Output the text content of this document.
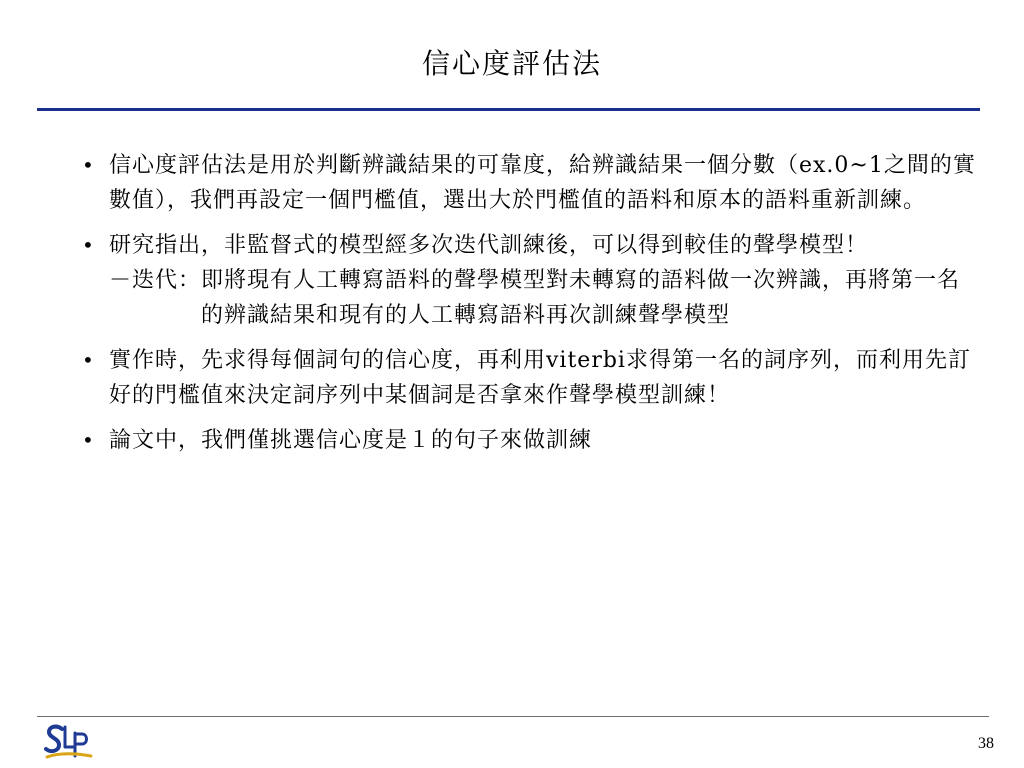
信心度評估法
• 信心度評估法是用於判斷辨識結果的可靠度，給辨識結果一個分數（ex.0~1之間的實數值），我們再設定一個門檻值，選出大於門檻值的語料和原本的語料重新訓練。
• 研究指出，非監督式的模型經多次迭代訓練後，可以得到較佳的聲學模型！
－迭代： 即將現有人工轉寫語料的聲學模型對未轉寫的語料做一次辨識，再將第一名的辨識結果和現有的人工轉寫語料再次訓練聲學模型
• 實作時，先求得每個詞句的信心度，再利用viterbi求得第一名的詞序列，而利用先訂好的門檻值來決定詞序列中某個詞是否拿來作聲學模型訓練！
• 論文中，我們僅挑選信心度是１的句子來做訓練
38
